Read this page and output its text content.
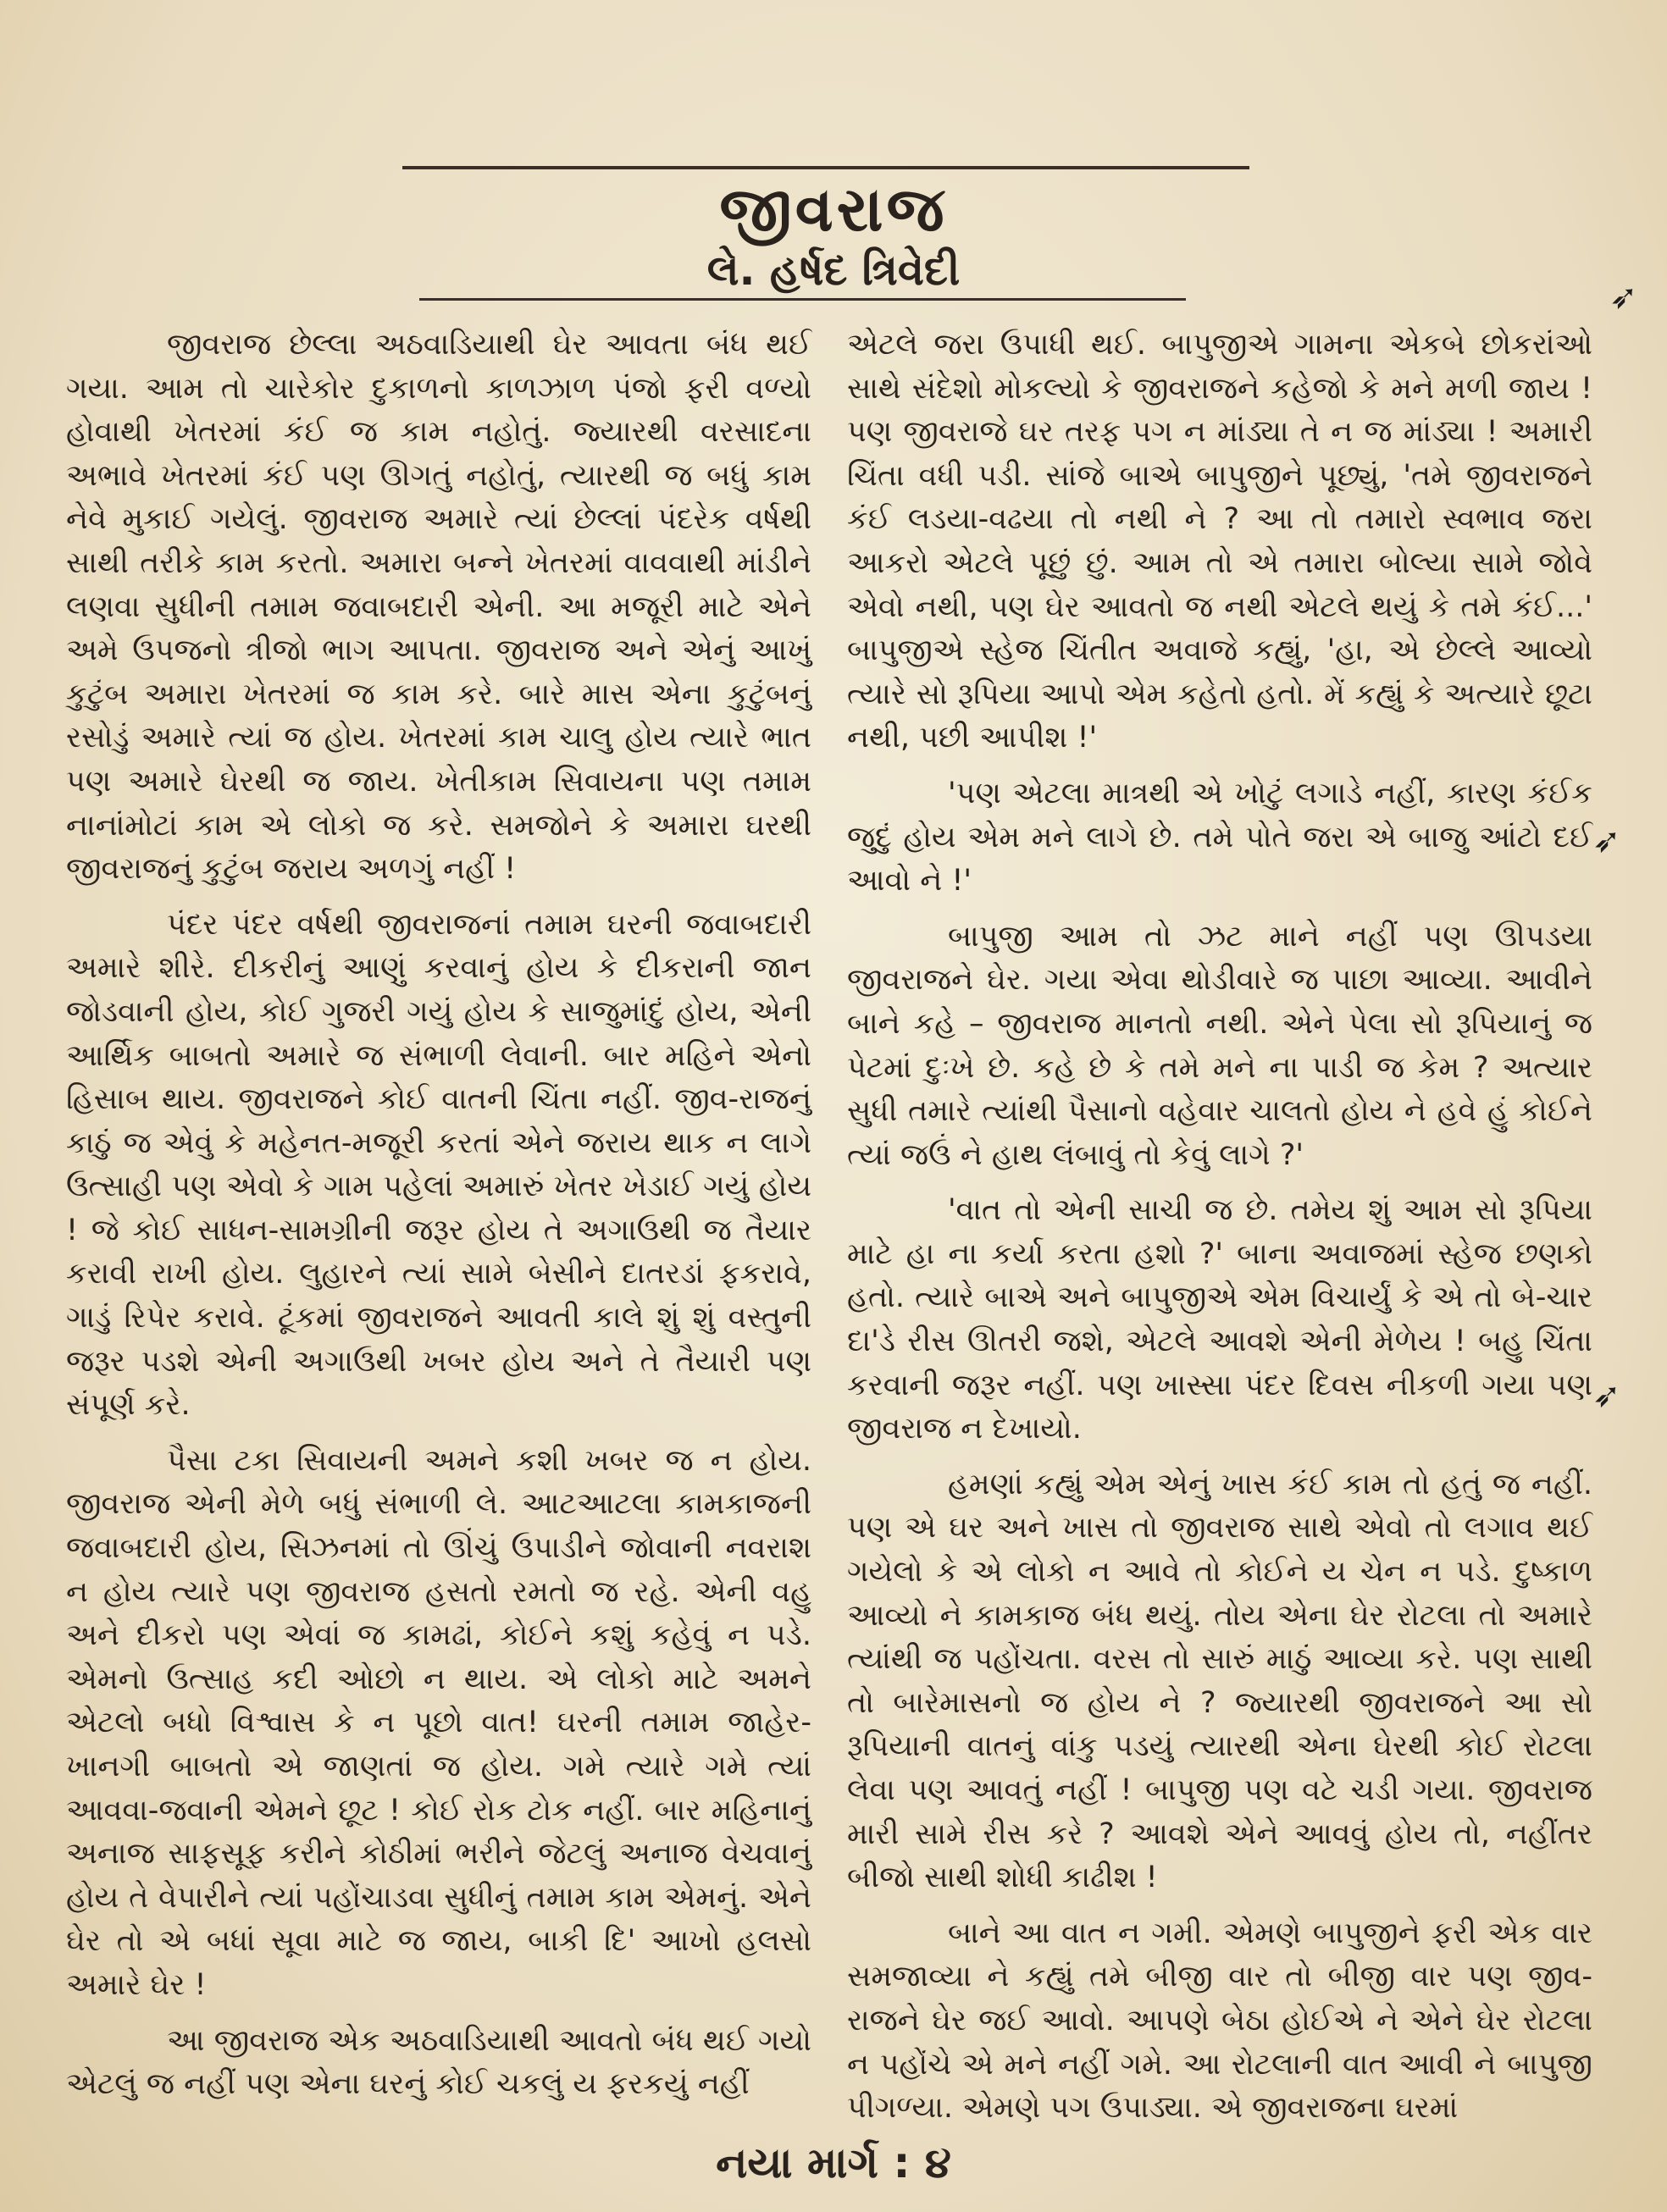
જીવરાજ
લે. હર્ષદ ત્રિવેદી

જીવરાજ છેલ્લા અઠવાડિયાથી ઘેર આવતા બંધ થઈ ગયા. આમ તો ચારેકોર દુકાળનો કાળઝાળ પંજો ફરી વળ્યો હોવાથી ખેતરમાં કંઈ જ કામ નહોતું. જ્યારથી વરસાદના અભાવે ખેતરમાં કંઈ પણ ઊગતું નહોતું, ત્યારથી જ બધું કામ નેવે મુકાઈ ગયેલું. જીવરાજ અમારે ત્યાં છેલ્લાં પંદરેક વર્ષથી સાથી તરીકે કામ કરતો. અમારા બન્ને ખેતરમાં વાવવાથી માંડીને લણવા સુધીની તમામ જવાબદારી એની. આ મજૂરી માટે એને અમે ઉપજનો ત્રીજો ભાગ આપતા. જીવરાજ અને એનું આખું કુટુંબ અમારા ખેતરમાં જ કામ કરે. બારે માસ એના કુટુંબનું રસોડું અમારે ત્યાં જ હોય. ખેતરમાં કામ ચાલુ હોય ત્યારે ભાત પણ અમારે ઘેરથી જ જાય. ખેતીકામ સિવાયના પણ તમામ નાનાંમોટાં કામ એ લોકો જ કરે. સમજોને કે અમારા ઘરથી જીવરાજનું કુટુંબ જરાય અળગું નહીં !

પંદર પંદર વર્ષથી જીવરાજનાં તમામ ઘરની જવાબદારી અમારે શીરે. દીકરીનું આણું કરવાનું હોય કે દીકરાની જાન જોડવાની હોય, કોઈ ગુજરી ગયું હોય કે સાજુમાંદું હોય, એની આર્થિક બાબતો અમારે જ સંભાળી લેવાની. બાર મહિને એનો હિસાબ થાય. જીવરાજને કોઈ વાતની ચિંતા નહીં. જીવ-રાજનું કાઠું જ એવું કે મહેનત-મજૂરી કરતાં એને જરાય થાક ન લાગે ઉત્સાહી પણ એવો કે ગામ પહેલાં અમારું ખેતર ખેડાઈ ગયું હોય ! જે કોઈ સાધન-સામગ્રીની જરૂર હોય તે અગાઉથી જ તૈયાર કરાવી રાખી હોય. લુહારને ત્યાં સામે બેસીને દાતરડાં ફકરાવે, ગાડું રિપેર કરાવે. ટૂંકમાં જીવરાજને આવતી કાલે શું શું વસ્તુની જરૂર પડશે એની અગાઉથી ખબર હોય અને તે તૈયારી પણ સંપૂર્ણ કરે.

પૈસા ટકા સિવાયની અમને કશી ખબર જ ન હોય. જીવરાજ એની મેળે બધું સંભાળી લે. આટઆટલા કામકાજની જવાબદારી હોય, સિઝનમાં તો ઊંચું ઉપાડીને જોવાની નવરાશ ન હોય ત્યારે પણ જીવરાજ હસતો રમતો જ રહે. એની વહુ અને દીકરો પણ એવાં જ કામઢાં, કોઈને કશું કહેવું ન પડે. એમનો ઉત્સાહ કદી ઓછો ન થાય. એ લોકો માટે અમને એટલો બધો વિશ્વાસ કે ન પૂછો વાત! ઘરની તમામ જાહેર-ખાનગી બાબતો એ જાણતાં જ હોય. ગમે ત્યારે ગમે ત્યાં આવવા-જવાની એમને છૂટ ! કોઈ રોક ટોક નહીં. બાર મહિનાનું અનાજ સાફસૂફ કરીને કોઠીમાં ભરીને જેટલું અનાજ વેચવાનું હોય તે વેપારીને ત્યાં પહોંચાડવા સુધીનું તમામ કામ એમનું. એને ઘેર તો એ બધાં સૂવા માટે જ જાય, બાકી દિ' આખો હલસો અમારે ઘેર !

આ જીવરાજ એક અઠવાડિયાથી આવતો બંધ થઈ ગયો એટલું જ નહીં પણ એના ઘરનું કોઈ ચકલું ય ફરકયું નહીં

એટલે જરા ઉપાધી થઈ. બાપુજીએ ગામના એકબે છોકરાંઓ સાથે સંદેશો મોકલ્યો કે જીવરાજને કહેજો કે મને મળી જાય ! પણ જીવરાજે ઘર તરફ પગ ન માંડ્યા તે ન જ માંડ્યા ! અમારી ચિંતા વધી પડી. સાંજે બાએ બાપુજીને પૂછ્યું, 'તમે જીવરાજને કંઈ લડયા-વઢયા તો નથી ને ? આ તો તમારો સ્વભાવ જરા આકરો એટલે પૂછું છું. આમ તો એ તમારા બોલ્યા સામે જોવે એવો નથી, પણ ઘેર આવતો જ નથી એટલે થયું કે તમે કંઈ...' બાપુજીએ સ્હેજ ચિંતીત અવાજે કહ્યું, 'હા, એ છેલ્લે આવ્યો ત્યારે સો રૂપિયા આપો એમ કહેતો હતો. મેં કહ્યું કે અત્યારે છૂટા નથી, પછી આપીશ !'

'પણ એટલા માત્રથી એ ખોટું લગાડે નહીં, કારણ કંઈક જુદું હોય એમ મને લાગે છે. તમે પોતે જરા એ બાજુ આંટો દઈ આવો ને !'

બાપુજી આમ તો ઝટ માને નહીં પણ ઊપડયા જીવરાજને ઘેર. ગયા એવા થોડીવારે જ પાછા આવ્યા. આવીને બાને કહે – જીવરાજ માનતો નથી. એને પેલા સો રૂપિયાનું જ પેટમાં દુઃખે છે. કહે છે કે તમે મને ના પાડી જ કેમ ? અત્યાર સુધી તમારે ત્યાંથી પૈસાનો વહેવાર ચાલતો હોય ને હવે હું કોઈને ત્યાં જઉં ને હાથ લંબાવું તો કેવું લાગે ?'

'વાત તો એની સાચી જ છે. તમેય શું આમ સો રૂપિયા માટે હા ના કર્યા કરતા હશો ?' બાના અવાજમાં સ્હેજ છણકો હતો. ત્યારે બાએ અને બાપુજીએ એમ વિચાર્યું કે એ તો બે-ચાર દા'ડે રીસ ઊતરી જશે, એટલે આવશે એની મેળેય ! બહુ ચિંતા કરવાની જરૂર નહીં. પણ ખાસ્સા પંદર દિવસ નીકળી ગયા પણ જીવરાજ ન દેખાયો.

હમણાં કહ્યું એમ એનું ખાસ કંઈ કામ તો હતું જ નહીં. પણ એ ઘર અને ખાસ તો જીવરાજ સાથે એવો તો લગાવ થઈ ગયેલો કે એ લોકો ન આવે તો કોઈને ય ચેન ન પડે. દુષ્કાળ આવ્યો ને કામકાજ બંધ થયું. તોય એના ઘેર રોટલા તો અમારે ત્યાંથી જ પહોંચતા. વરસ તો સારું માઠું આવ્યા કરે. પણ સાથી તો બારેમાસનો જ હોય ને ? જ્યારથી જીવરાજને આ સો રૂપિયાની વાતનું વાંકુ પડયું ત્યારથી એના ઘેરથી કોઈ રોટલા લેવા પણ આવતું નહીં ! બાપુજી પણ વટે ચડી ગયા. જીવરાજ મારી સામે રીસ કરે ? આવશે એને આવવું હોય તો, નહીંતર બીજો સાથી શોધી કાઢીશ !

બાને આ વાત ન ગમી. એમણે બાપુજીને ફરી એક વાર સમજાવ્યા ને કહ્યું તમે બીજી વાર તો બીજી વાર પણ જીવ-રાજને ઘેર જઈ આવો. આપણે બેઠા હોઈએ ને એને ઘેર રોટલા ન પહોંચે એ મને નહીં ગમે. આ રોટલાની વાત આવી ને બાપુજી પીગળ્યા. એમણે પગ ઉપાડ્યા. એ જીવરાજના ઘરમાં

➶
➶
➶
નયા માર્ગ : ૪
